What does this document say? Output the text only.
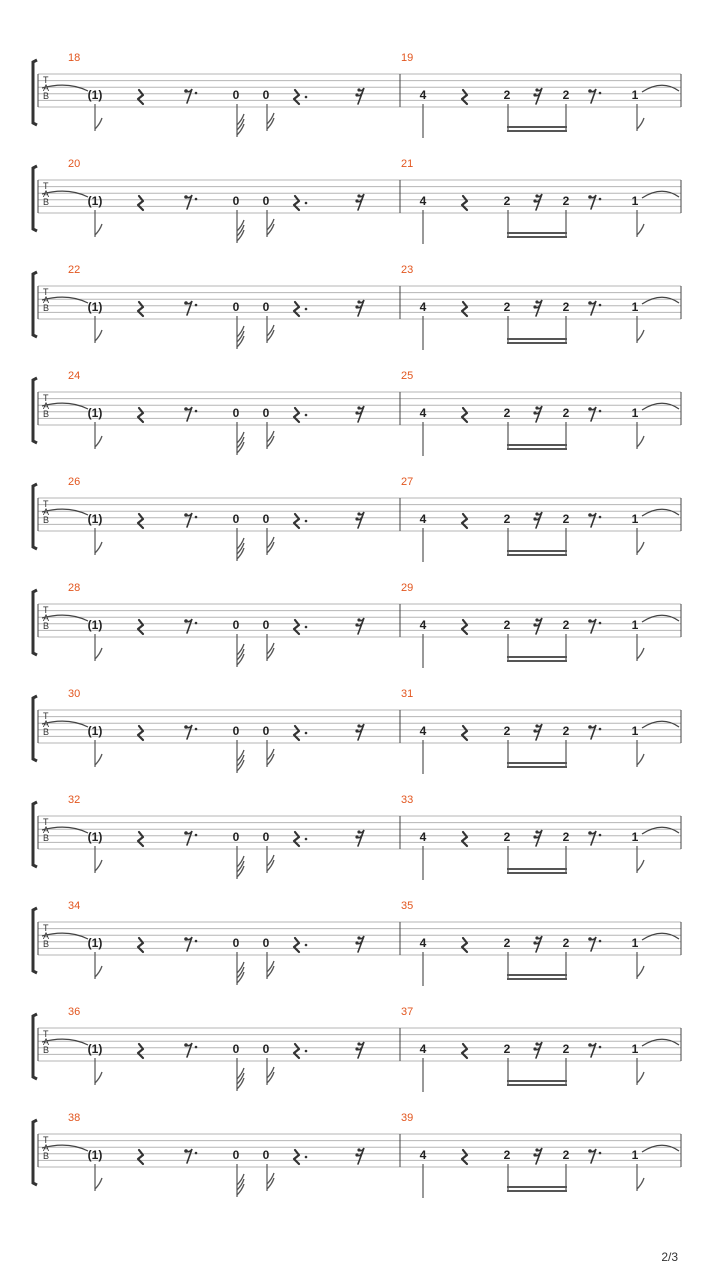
T
A
B
18	19
(1)	0 0	4	2	2	1
T
A
B
20	21
(1)	0 0	4	2	2	1
T
A
B
22	23
(1)	0 0	4	2	2	1
T
A
B
24	25
(1)	0 0	4	2	2	1
T
A
B
26	27
(1)	0 0	4	2	2	1
T
A
B
28	29
(1)	0 0	4	2	2	1
T
A
B
30	31
(1)	0 0	4	2	2	1
T
A
B
32	33
(1)	0 0	4	2	2	1
T
A
B
34	35
(1)	0 0	4	2	2	1
T
A
B
36	37
(1)	0 0	4	2	2	1
T
A
B
38	39
(1)	0 0	4	2	2	1
2/3
